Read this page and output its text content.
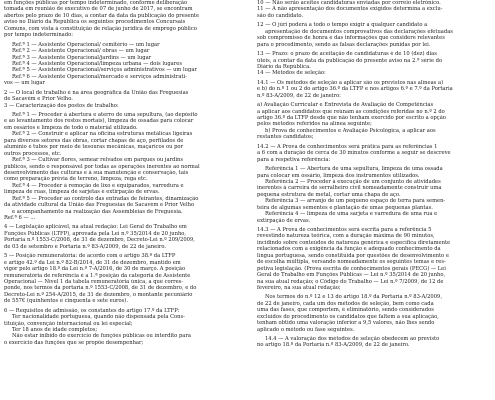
em funções públicas por tempo indeterminado, conforme deliberação
tomada em reunião de executivo de 07 de junho de 2017, se encontram
abertos pelo prazo de 10 dias, a contar da data da publicação do presente
aviso no Diário da República os seguintes procedimentos Concursais
Comuns, com vista à constituição de relação jurídica de emprego público
por tempo indeterminado:
Ref.ª 1 — Assistente Operacional/ cemitério — um lugar
Ref.ª 2 — Assistente Operacional/ obras — um lugar
Ref.ª 3 — Assistente Operacional/jardins — um lugar
Ref.ª 4 — Assistente Operacional/limpeza urbana — dois lugares
Ref.ª 5 — Assistente Operacional/serviços administrativos — um lugar
Ref.ª 6 — Assistente Operacional/mercado e serviços administrati-
vos — um lugar
2 — O local de trabalho é na área geográfica da União das Freguesias
de Sacavém e Prior Velho.
3 — Caracterização dos postos de trabalho:
Ref.ª 1 — Proceder à abertura e aterro de uma sepultura, (ao depósito
e ao levantamento dos restos mortais), limpeza de ossadas para colocar
em ossários e limpeza de todo o material utilizado.
Ref.ª 2 — Construir e aplicar na oficina estruturas metálicas ligeiras
para diversos setores das obras, cortar chapas de aço, perfilados de
alumínio e tubos por meio de tesouras mecânicas, maçaricos ou por
outros processos, etc.
Ref.ª 3 — Cultivar flores, semear relvados em parques ou jardins
públicos, sendo o responsável por todas as operações inerentes ao normal
desenvolvimento das culturas e à sua manutenção e conservação, tais
como preparação prévia de terreno, limpeza, rega etc.
Ref.ª 4 — Proceder à remoção de lixo e equiparados, varredura e
limpeza de ruas, limpeza de sarjetas e extirpação de ervas.
Ref.ª 5 — Proceder ao controlo das entradas de feirantes, dinamização
da atividade cultural da União das Freguesias de Sacavém e Prior Velho
e acompanhamento na realização das Assembleias de Freguesia.
Ref.ª 6 — ...
4 — Legislação aplicável, na atual redação: Lei Geral do Trabalho em
Funções Públicas (LTFP), aprovada pela Lei n.º 35/2014 de 20 junho,
Portaria n.º 1553-C/2008, de 31 de dezembro, Decreto-Lei n.º 209/2009,
de 03 de setembro e Portaria n.º 83-A/2009, de 22 de janeiro.
5 — Posição remuneratória: de acordo com o artigo 38.º da LTFP
e artigo 42.º da Lei n.º 82-B/2014, de 31 de dezembro, mantido em
vigor pelo artigo 18.º da Lei n.º 7-A/2016, de 30 de março. A posição
remuneratória de referência é a 1.ª posição da categoria de Assistente
Operacional — Nível 1 da tabela remuneratória única, a que corres-
ponde, nos termos da portaria n.º 1553-C/2008, de 31 de dezembro, e do
Decreto-Lei n.º 254-A/2015, de 31 de dezembro, o montante pecuniário
de 557€ (quinhentos e cinquenta e sete euros).
6 — Requisitos de admissão, os constantes do artigo 17.º da LTFP:
Ter nacionalidade portuguesa, quando não dispensada pela Cons-
tituição, convenção internacional ou lei especial;
Ter 18 anos de idade completos;
Não estar inibido do exercício de funções públicas ou interdito para
o exercício das funções que se propõe desempenhar;
10 — Não serão aceites candidaturas enviadas por correio eletrónico.
11 — A não apresentação dos documentos exigidos determina a exclu-
são do candidato.
12 — O júri poderá a todo o tempo exigir a qualquer candidato a
apresentação de documentos comprovativos das declarações efetuadas
sob compromisso de honra e das informações que considere relevantes
para o procedimento, sendo as falsas declarações punidas por lei.
13 — Prazo: o prazo de aceitação de candidaturas é de 10 (dez) dias
úteis, a contar da data da publicação do presente aviso na 2.ª série do
Diário da República.
14 — Métodos de seleção:
14.1 — Os métodos de seleção a aplicar são os previstos nas alíneas a)
e b) do n.º 1 ou 2 do artigo 36.º da LTFP e nos artigos 6.º e 7.º da Portaria
n.º 83-A/2009, de 22 de janeiro:
a) Avaliação Curricular e Entrevista de Avaliação de Competências
a aplicar aos candidatos que reúnam as condições referidas no n.º 2 do
artigo 36.º da LTFP desde que não tenham exercido por escrito a opção
pelos métodos referidos na alínea seguinte;
b) Prova de conhecimentos e Avaliação Psicológica, a aplicar aos
restantes candidatos;
14.2 — A Prova de conhecimentos será prática para as referências 1
a 6 com a duração de cerca de 30 minutos conforme a seguir se descreve
para a respetiva referência:
Referência 1 — Abertura de uma sepultura, limpeza de uma ossada
para colocar em ossário, limpeza dos instrumentos utilizados.
Referência 2 — Proceder à execução de um conjunto de atividades
inerentes à carreira de serralheiro civil nomeadamente construir uma
pequena estrutura de metal, cortar uma chapa de aço.
Referência 3 — arranjo de um pequeno espaço de terra para semen-
teira de algumas sementes e plantação de umas pequenas plantas.
Referência 4 — limpeza de uma sarjeta e varredura de uma rua e
extirpação de ervas.
14.3 — A Prova de conhecimentos será escrita para a referência 5
revestindo natureza teórica, com a duração máxima de 90 minutos,
incidindo sobre conteúdos de natureza genérica e específica diretamente
relacionados com a exigência da função e adequado conhecimento da
língua portuguesa, sendo constituída por questões de desenvolvimento e
de escolha múltipla, versando nomeadamente os seguintes temas e res-
petiva legislação. (Prova escrita de conhecimentos gerais (PECG) — Lei
Geral do Trabalho em Funções Públicas — Lei n.º 35/2014 de 20 junho,
na sua atual redação; o Código do Trabalho — Lei n.º 7/2009, de 12 de
fevereiro, na sua atual redação;
Nos termos do n.º 12 e 13 do artigo 18.º da Portaria n.º 83-A/2009,
de 22 de janeiro, cada um dos métodos de seleção, bem como cada
uma das fases, que comportem, é eliminatório, sendo considerados
excluídos do procedimento os candidatos que faltem a sua aplicação,
tenham obtido uma valoração inferior a 9,5 valores, não lhes sendo
aplicado o método ou fase seguintes.
14.4 — A valoração dos métodos de seleção obedecem ao previsto
no artigo 18.º da Portaria n.º 83-A/2009, de 22 de janeiro.
